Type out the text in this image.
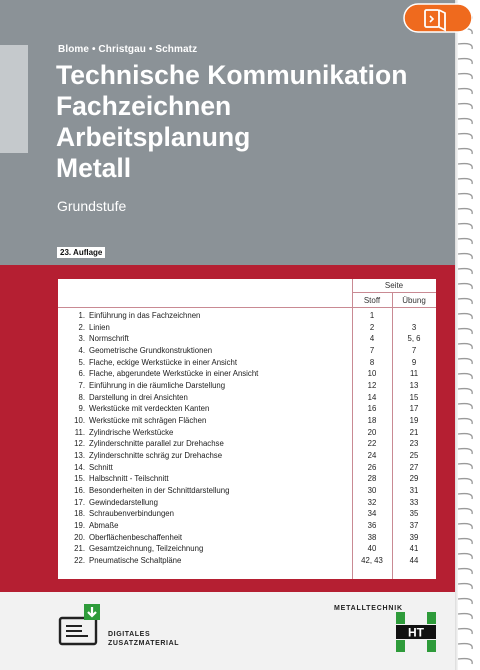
Blome • Christgau • Schmatz
Technische Kommunikation
Fachzeichnen
Arbeitsplanung
Metall
Grundstufe
23. Auflage
Seite
Stoff	Übung
1. Einführung in das Fachzeichnen	1
2. Linien	2	3
3. Normschrift	4	5, 6
4. Geometrische Grundkonstruktionen	7	7
5. Flache, eckige Werkstücke in einer Ansicht	8	9
6. Flache, abgerundete Werkstücke in einer Ansicht	10	11
7. Einführung in die räumliche Darstellung	12	13
8. Darstellung in drei Ansichten	14	15
9. Werkstücke mit verdeckten Kanten	16	17
10. Werkstücke mit schrägen Flächen	18	19
11. Zylindrische Werkstücke	20	21
12. Zylinderschnitte parallel zur Drehachse	22	23
13. Zylinderschnitte schräg zur Drehachse	24	25
14. Schnitt	26	27
15. Halbschnitt - Teilschnitt	28	29
16. Besonderheiten in der Schnittdarstellung	30	31
17. Gewindedarstellung	32	33
18. Schraubenverbindungen	34	35
19. Abmaße	36	37
20. Oberflächenbeschaffenheit	38	39
21. Gesamtzeichnung, Teilzeichnung	40	41
22. Pneumatische Schaltpläne	42, 43	44
DIGITALES
ZUSATZMATERIAL
METALLTECHNIK
HT
